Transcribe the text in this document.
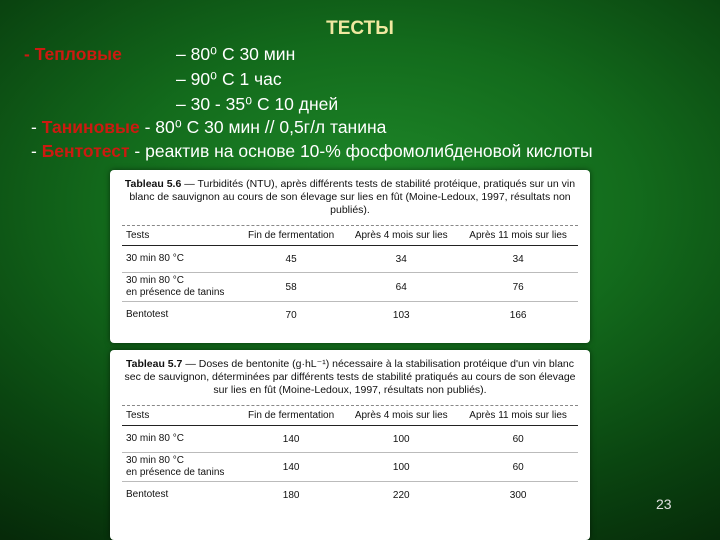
ТЕСТЫ
- Тепловые	– 80⁰ С 30 мин
– 90⁰ С 1 час
– 30 - 35⁰ С 10 дней
- Таниновые - 80⁰ С 30 мин // 0,5г/л танина
- Бентотест - реактив на основе 10-% фосфомолибденовой кислоты
Tableau 5.6 — Turbidités (NTU), après différents tests de stabilité protéique, pratiqués sur un vin blanc de sauvignon au cours de son élevage sur lies en fût (Moine-Ledoux, 1997, résultats non publiés).
Tests	Fin de fermentation	Après 4 mois sur lies	Après 11 mois sur lies
30 min 80 °C	45	34	34
30 min 80 °C
en présence de tanins	58	64	76
Bentotest	70	103	166
Tableau 5.7 — Doses de bentonite (g·hL⁻¹) nécessaire à la stabilisation protéique d'un vin blanc sec de sauvignon, déterminées par différents tests de stabilité pratiqués au cours de son élevage sur lies en fût (Moine-Ledoux, 1997, résultats non publiés).
Tests	Fin de fermentation	Après 4 mois sur lies	Après 11 mois sur lies
30 min 80 °C	140	100	60
30 min 80 °C
en présence de tanins	140	100	60
Bentotest	180	220	300
23
